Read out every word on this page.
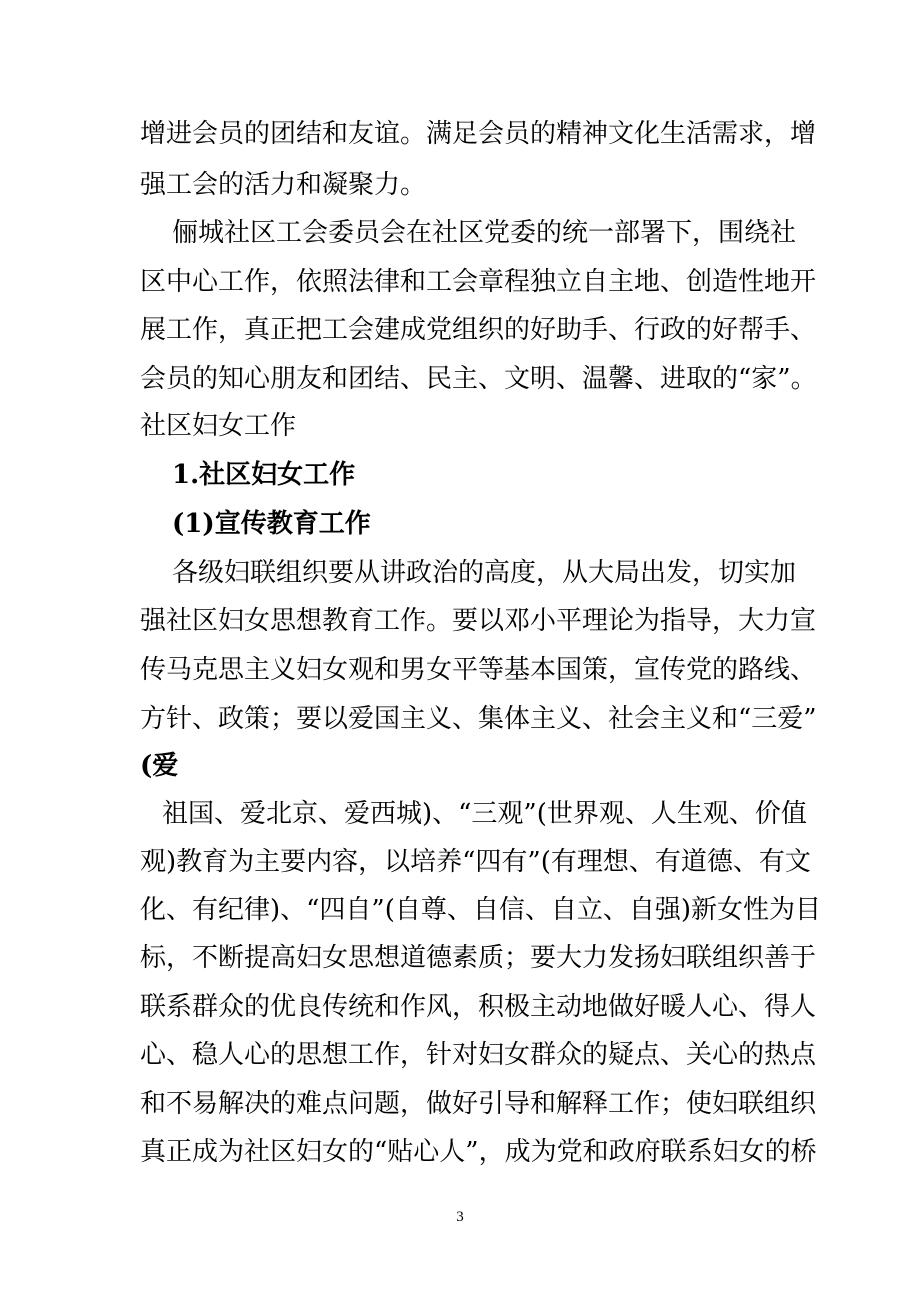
增进会员的团结和友谊。满足会员的精神文化生活需求，增
强工会的活力和凝聚力。
俪城社区工会委员会在社区党委的统一部署下，围绕社
区中心工作，依照法律和工会章程独立自主地、创造性地开
展工作，真正把工会建成党组织的好助手、行政的好帮手、
会员的知心朋友和团结、民主、文明、温馨、进取的“家”。
社区妇女工作
1.社区妇女工作
(1)宣传教育工作
各级妇联组织要从讲政治的高度，从大局出发，切实加
强社区妇女思想教育工作。要以邓小平理论为指导，大力宣
传马克思主义妇女观和男女平等基本国策，宣传党的路线、
方针、政策；要以爱国主义、集体主义、社会主义和“三爱”
(爱
祖国、爱北京、爱西城)、“三观”(世界观、人生观、价值
观)教育为主要内容，以培养“四有”(有理想、有道德、有文
化、有纪律)、“四自”(自尊、自信、自立、自强)新女性为目
标，不断提高妇女思想道德素质；要大力发扬妇联组织善于
联系群众的优良传统和作风，积极主动地做好暖人心、得人
心、稳人心的思想工作，针对妇女群众的疑点、关心的热点
和不易解决的难点问题，做好引导和解释工作；使妇联组织
真正成为社区妇女的“贴心人”，成为党和政府联系妇女的桥
3
